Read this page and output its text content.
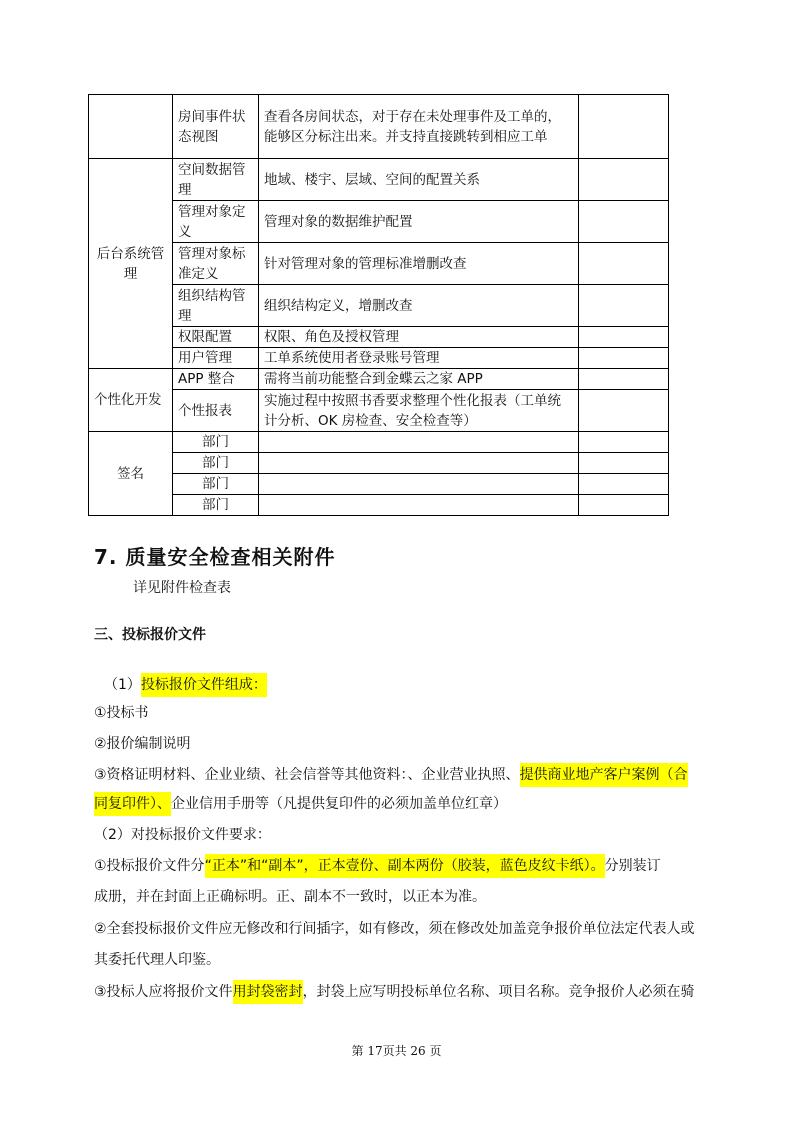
	房间事件状态视图	查看各房间状态，对于存在未处理事件及工单的，能够区分标注出来。并支持直接跳转到相应工单	
后台系统管理	空间数据管理	地域、楼宇、层域、空间的配置关系	
	管理对象定义	管理对象的数据维护配置	
	管理对象标准定义	针对管理对象的管理标准增删改查	
	组织结构管理	组织结构定义，增删改查	
	权限配置	权限、角色及授权管理	
	用户管理	工单系统使用者登录账号管理	
个性化开发	APP 整合	需将当前功能整合到金蝶云之家 APP	
	个性报表	实施过程中按照书香要求整理个性化报表（工单统计分析、OK 房检查、安全检查等）	
签名	部门		
	部门		
	部门		
	部门		
7. 质量安全检查相关附件
详见附件检查表
三、投标报价文件
（1）投标报价文件组成：
①投标书
②报价编制说明
③资格证明材料、企业业绩、社会信誉等其他资料：、企业营业执照、提供商业地产客户案例（合
同复印件）、企业信用手册等（凡提供复印件的必须加盖单位红章）
（2）对投标报价文件要求：
①投标报价文件分“正本”和“副本”，正本壹份、副本两份（胶装，蓝色皮纹卡纸）。分别装订
成册，并在封面上正确标明。正、副本不一致时，以正本为准。
②全套投标报价文件应无修改和行间插字，如有修改，须在修改处加盖竞争报价单位法定代表人或
其委托代理人印鉴。
③投标人应将报价文件用封袋密封，封袋上应写明投标单位名称、项目名称。竞争报价人必须在骑
第 17页共 26 页
